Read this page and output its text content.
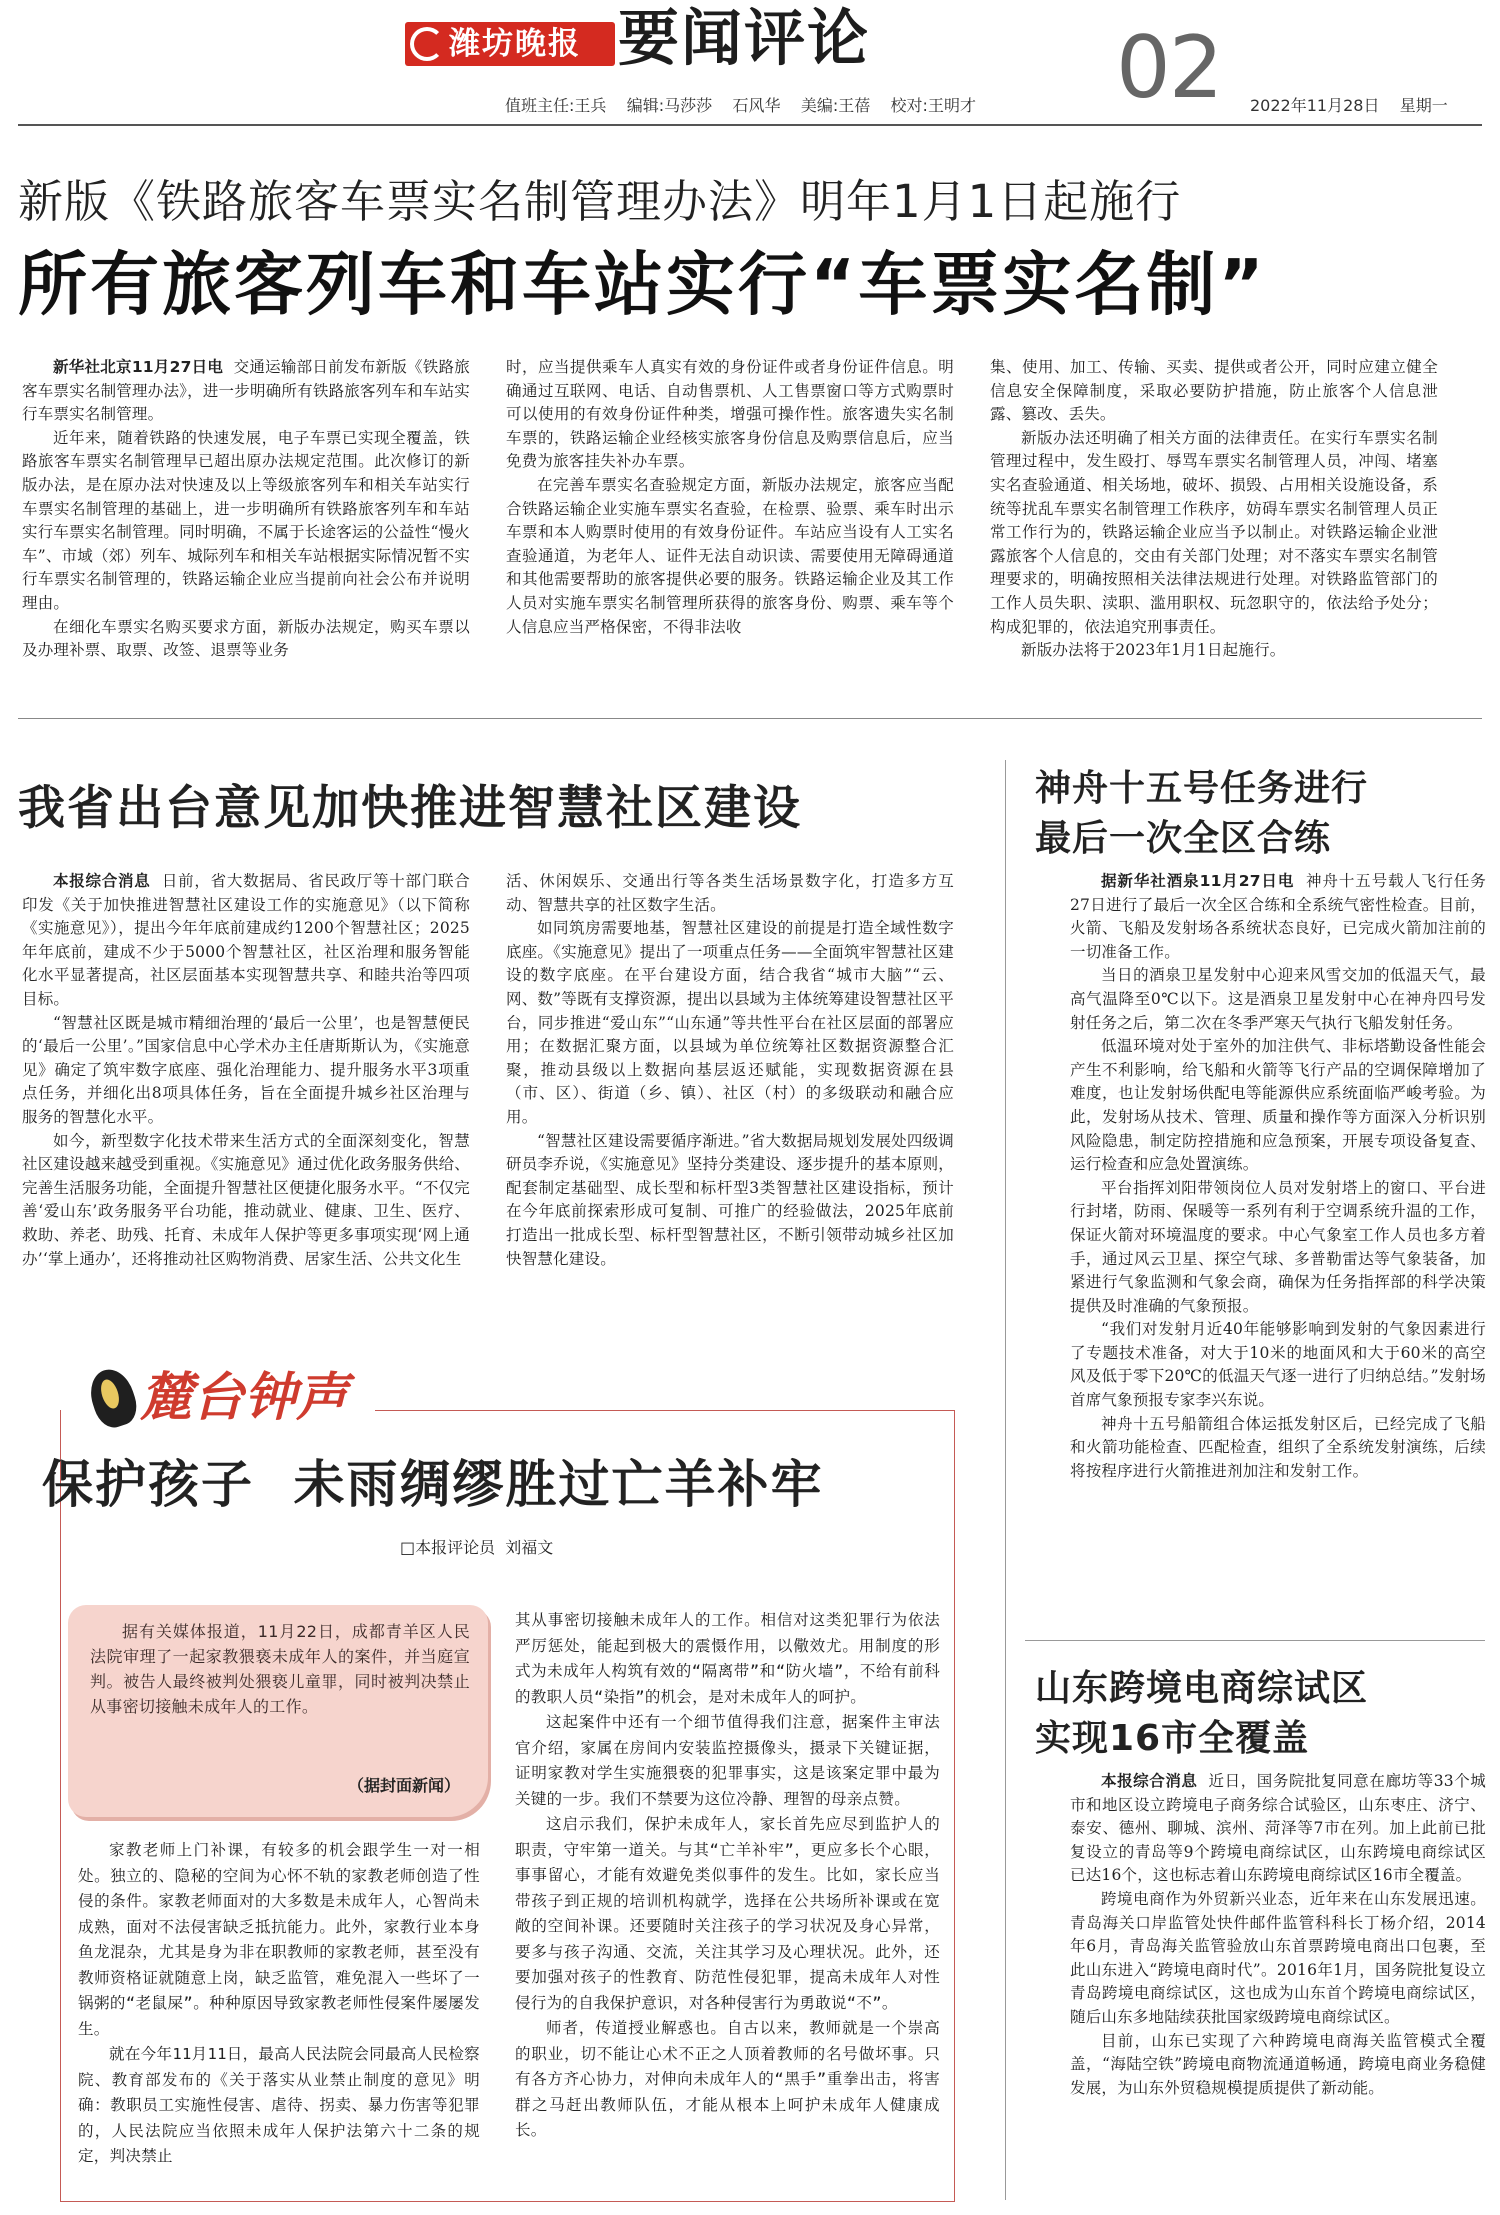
潍坊晚报 要闻评论	02
值班主任:王兵    编辑:马莎莎    石风华    美编:王蓓    校对:王明才	2022年11月28日    星期一
新版《铁路旅客车票实名制管理办法》明年1月1日起施行
所有旅客列车和车站实行“车票实名制”

新华社北京11月27日电 交通运输部日前发布新版《铁路旅客车票实名制管理办法》，进一步明确所有铁路旅客列车和车站实行车票实名制管理。

近年来，随着铁路的快速发展，电子车票已实现全覆盖，铁路旅客车票实名制管理早已超出原办法规定范围。此次修订的新版办法，是在原办法对快速及以上等级旅客列车和相关车站实行车票实名制管理的基础上，进一步明确所有铁路旅客列车和车站实行车票实名制管理。同时明确，不属于长途客运的公益性“慢火车”、市域（郊）列车、城际列车和相关车站根据实际情况暂不实行车票实名制管理的，铁路运输企业应当提前向社会公布并说明理由。

在细化车票实名购买要求方面，新版办法规定，购买车票以及办理补票、取票、改签、退票等业务

时，应当提供乘车人真实有效的身份证件或者身份证件信息。明确通过互联网、电话、自动售票机、人工售票窗口等方式购票时可以使用的有效身份证件种类，增强可操作性。旅客遗失实名制车票的，铁路运输企业经核实旅客身份信息及购票信息后，应当免费为旅客挂失补办车票。

在完善车票实名查验规定方面，新版办法规定，旅客应当配合铁路运输企业实施车票实名查验，在检票、验票、乘车时出示车票和本人购票时使用的有效身份证件。车站应当设有人工实名查验通道，为老年人、证件无法自动识读、需要使用无障碍通道和其他需要帮助的旅客提供必要的服务。铁路运输企业及其工作人员对实施车票实名制管理所获得的旅客身份、购票、乘车等个人信息应当严格保密，不得非法收

集、使用、加工、传输、买卖、提供或者公开，同时应建立健全信息安全保障制度，采取必要防护措施，防止旅客个人信息泄露、篡改、丢失。

新版办法还明确了相关方面的法律责任。在实行车票实名制管理过程中，发生殴打、辱骂车票实名制管理人员，冲闯、堵塞实名查验通道、相关场地，破坏、损毁、占用相关设施设备，系统等扰乱车票实名制管理工作秩序，妨碍车票实名制管理人员正常工作行为的，铁路运输企业应当予以制止。对铁路运输企业泄露旅客个人信息的，交由有关部门处理；对不落实车票实名制管理要求的，明确按照相关法律法规进行处理。对铁路监管部门的工作人员失职、渎职、滥用职权、玩忽职守的，依法给予处分；构成犯罪的，依法追究刑事责任。

新版办法将于2023年1月1日起施行。

我省出台意见加快推进智慧社区建设

本报综合消息 日前，省大数据局、省民政厅等十部门联合印发《关于加快推进智慧社区建设工作的实施意见》（以下简称《实施意见》），提出今年年底前建成约1200个智慧社区；2025年年底前，建成不少于5000个智慧社区，社区治理和服务智能化水平显著提高，社区层面基本实现智慧共享、和睦共治等四项目标。

“智慧社区既是城市精细治理的‘最后一公里’，也是智慧便民的‘最后一公里’。”国家信息中心学术办主任唐斯斯认为，《实施意见》确定了筑牢数字底座、强化治理能力、提升服务水平3项重点任务，并细化出8项具体任务，旨在全面提升城乡社区治理与服务的智慧化水平。

如今，新型数字化技术带来生活方式的全面深刻变化，智慧社区建设越来越受到重视。《实施意见》通过优化政务服务供给、完善生活服务功能，全面提升智慧社区便捷化服务水平。“不仅完善‘爱山东’政务服务平台功能，推动就业、健康、卫生、医疗、救助、养老、助残、托育、未成年人保护等更多事项实现‘网上通办’‘掌上通办’，还将推动社区购物消费、居家生活、公共文化生

活、休闲娱乐、交通出行等各类生活场景数字化，打造多方互动、智慧共享的社区数字生活。

如同筑房需要地基，智慧社区建设的前提是打造全域性数字底座。《实施意见》提出了一项重点任务——全面筑牢智慧社区建设的数字底座。在平台建设方面，结合我省“城市大脑”“云、网、数”等既有支撑资源，提出以县域为主体统筹建设智慧社区平台，同步推进“爱山东”“山东通”等共性平台在社区层面的部署应用；在数据汇聚方面，以县域为单位统筹社区数据资源整合汇聚，推动县级以上数据向基层返还赋能，实现数据资源在县（市、区）、街道（乡、镇）、社区（村）的多级联动和融合应用。

“智慧社区建设需要循序渐进。”省大数据局规划发展处四级调研员李乔说，《实施意见》坚持分类建设、逐步提升的基本原则，配套制定基础型、成长型和标杆型3类智慧社区建设指标，预计在今年底前探索形成可复制、可推广的经验做法，2025年底前打造出一批成长型、标杆型智慧社区，不断引领带动城乡社区加快智慧化建设。

神舟十五号任务进行
最后一次全区合练

据新华社酒泉11月27日电 神舟十五号载人飞行任务27日进行了最后一次全区合练和全系统气密性检查。目前，火箭、飞船及发射场各系统状态良好，已完成火箭加注前的一切准备工作。

当日的酒泉卫星发射中心迎来风雪交加的低温天气，最高气温降至0℃以下。这是酒泉卫星发射中心在神舟四号发射任务之后，第二次在冬季严寒天气执行飞船发射任务。

低温环境对处于室外的加注供气、非标塔勤设备性能会产生不利影响，给飞船和火箭等飞行产品的空调保障增加了难度，也让发射场供配电等能源供应系统面临严峻考验。为此，发射场从技术、管理、质量和操作等方面深入分析识别风险隐患，制定防控措施和应急预案，开展专项设备复查、运行检查和应急处置演练。

平台指挥刘阳带领岗位人员对发射塔上的窗口、平台进行封堵，防雨、保暖等一系列有利于空调系统升温的工作，保证火箭对环境温度的要求。中心气象室工作人员也多方着手，通过风云卫星、探空气球、多普勒雷达等气象装备，加紧进行气象监测和气象会商，确保为任务指挥部的科学决策提供及时准确的气象预报。

“我们对发射月近40年能够影响到发射的气象因素进行了专题技术准备，对大于10米的地面风和大于60米的高空风及低于零下20℃的低温天气逐一进行了归纳总结。”发射场首席气象预报专家李兴东说。

神舟十五号船箭组合体运抵发射区后，已经完成了飞船和火箭功能检查、匹配检查，组织了全系统发射演练，后续将按程序进行火箭推进剂加注和发射工作。

山东跨境电商综试区
实现16市全覆盖

本报综合消息 近日，国务院批复同意在廊坊等33个城市和地区设立跨境电子商务综合试验区，山东枣庄、济宁、泰安、德州、聊城、滨州、菏泽等7市在列。加上此前已批复设立的青岛等9个跨境电商综试区，山东跨境电商综试区已达16个，这也标志着山东跨境电商综试区16市全覆盖。

跨境电商作为外贸新兴业态，近年来在山东发展迅速。青岛海关口岸监管处快件邮件监管科科长丁杨介绍，2014年6月，青岛海关监管验放山东首票跨境电商出口包裹，至此山东进入“跨境电商时代”。2016年1月，国务院批复设立青岛跨境电商综试区，这也成为山东首个跨境电商综试区，随后山东多地陆续获批国家级跨境电商综试区。

目前，山东已实现了六种跨境电商海关监管模式全覆盖，“海陆空铁”跨境电商物流通道畅通，跨境电商业务稳健发展，为山东外贸稳规模提质提供了新动能。

麓台钟声
保护孩子  未雨绸缪胜过亡羊补牢
□本报评论员  刘福文

据有关媒体报道，11月22日，成都青羊区人民法院审理了一起家教猥亵未成年人的案件，并当庭宣判。被告人最终被判处猥亵儿童罪，同时被判决禁止从事密切接触未成年人的工作。

（据封面新闻）

家教老师上门补课，有较多的机会跟学生一对一相处。独立的、隐秘的空间为心怀不轨的家教老师创造了性侵的条件。家教老师面对的大多数是未成年人，心智尚未成熟，面对不法侵害缺乏抵抗能力。此外，家教行业本身鱼龙混杂，尤其是身为非在职教师的家教老师，甚至没有教师资格证就随意上岗，缺乏监管，难免混入一些坏了一锅粥的“老鼠屎”。种种原因导致家教老师性侵案件屡屡发生。

就在今年11月11日，最高人民法院会同最高人民检察院、教育部发布的《关于落实从业禁止制度的意见》明确：教职员工实施性侵害、虐待、拐卖、暴力伤害等犯罪的，人民法院应当依照未成年人保护法第六十二条的规定，判决禁止

其从事密切接触未成年人的工作。相信对这类犯罪行为依法严厉惩处，能起到极大的震慑作用，以儆效尤。用制度的形式为未成年人构筑有效的“隔离带”和“防火墙”，不给有前科的教职人员“染指”的机会，是对未成年人的呵护。

这起案件中还有一个细节值得我们注意，据案件主审法官介绍，家属在房间内安装监控摄像头，摄录下关键证据，证明家教对学生实施猥亵的犯罪事实，这是该案定罪中最为关键的一步。我们不禁要为这位冷静、理智的母亲点赞。

这启示我们，保护未成年人，家长首先应尽到监护人的职责，守牢第一道关。与其“亡羊补牢”，更应多长个心眼，事事留心，才能有效避免类似事件的发生。比如，家长应当带孩子到正规的培训机构就学，选择在公共场所补课或在宽敞的空间补课。还要随时关注孩子的学习状况及身心异常，要多与孩子沟通、交流，关注其学习及心理状况。此外，还要加强对孩子的性教育、防范性侵犯罪，提高未成年人对性侵行为的自我保护意识，对各种侵害行为勇敢说“不”。

师者，传道授业解惑也。自古以来，教师就是一个崇高的职业，切不能让心术不正之人顶着教师的名号做坏事。只有各方齐心协力，对伸向未成年人的“黑手”重拳出击，将害群之马赶出教师队伍，才能从根本上呵护未成年人健康成长。
